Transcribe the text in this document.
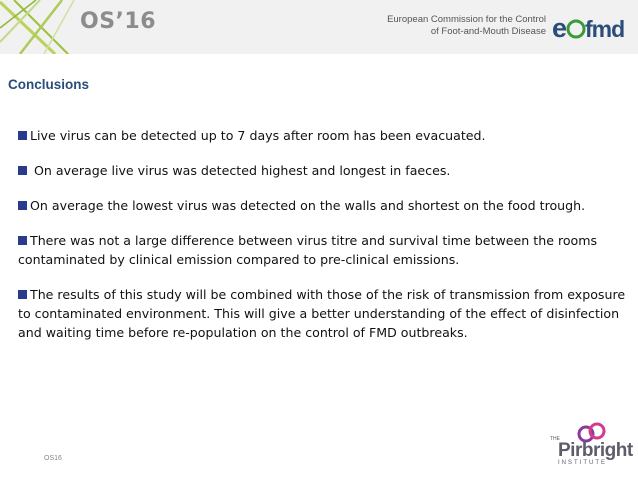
OS’16	European Commission for the Control
of Foot-and-Mouth Disease e fmd
Conclusions
Live virus can be detected up to 7 days after room has been evacuated.
On average live virus was detected highest and longest in faeces.
On average the lowest virus was detected on the walls and shortest on the food trough.
There was not a large difference between virus titre and survival time between the rooms contaminated by clinical emission compared to pre-clinical emissions.
The results of this study will be combined with those of the risk of transmission from exposure to contaminated environment. This will give a better understanding of the effect of disinfection and waiting time before re-population on the control of FMD outbreaks.
OS16
THE
Pirbright
INSTITUTE
